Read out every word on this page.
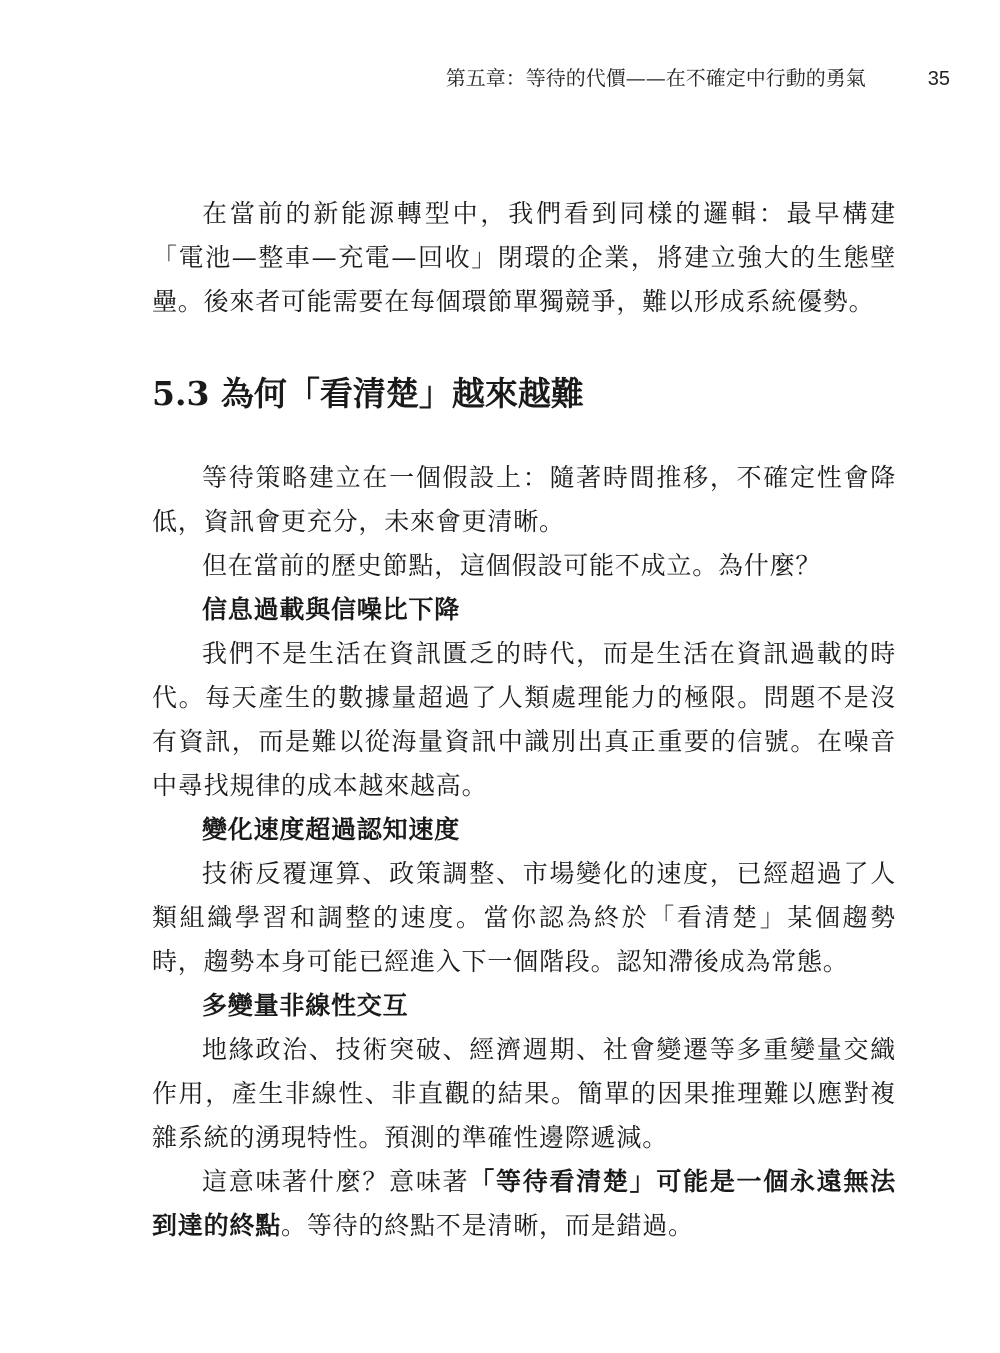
第五章：等待的代價——在不確定中行動的勇氣	35

在當前的新能源轉型中，我們看到同樣的邏輯：最早構建「電池—整車—充電—回收」閉環的企業，將建立強大的生態壁壘。後來者可能需要在每個環節單獨競爭，難以形成系統優勢。

5.3 為何「看清楚」越來越難

等待策略建立在一個假設上：隨著時間推移，不確定性會降低，資訊會更充分，未來會更清晰。

但在當前的歷史節點，這個假設可能不成立。為什麼？

信息過載與信噪比下降

我們不是生活在資訊匱乏的時代，而是生活在資訊過載的時代。每天產生的數據量超過了人類處理能力的極限。問題不是沒有資訊，而是難以從海量資訊中識別出真正重要的信號。在噪音中尋找規律的成本越來越高。

變化速度超過認知速度

技術反覆運算、政策調整、市場變化的速度，已經超過了人類組織學習和調整的速度。當你認為終於「看清楚」某個趨勢時，趨勢本身可能已經進入下一個階段。認知滯後成為常態。

多變量非線性交互

地緣政治、技術突破、經濟週期、社會變遷等多重變量交織作用，產生非線性、非直觀的結果。簡單的因果推理難以應對複雜系統的湧現特性。預測的準確性邊際遞減。

這意味著什麼？意味著「等待看清楚」可能是一個永遠無法到達的終點。等待的終點不是清晰，而是錯過。
